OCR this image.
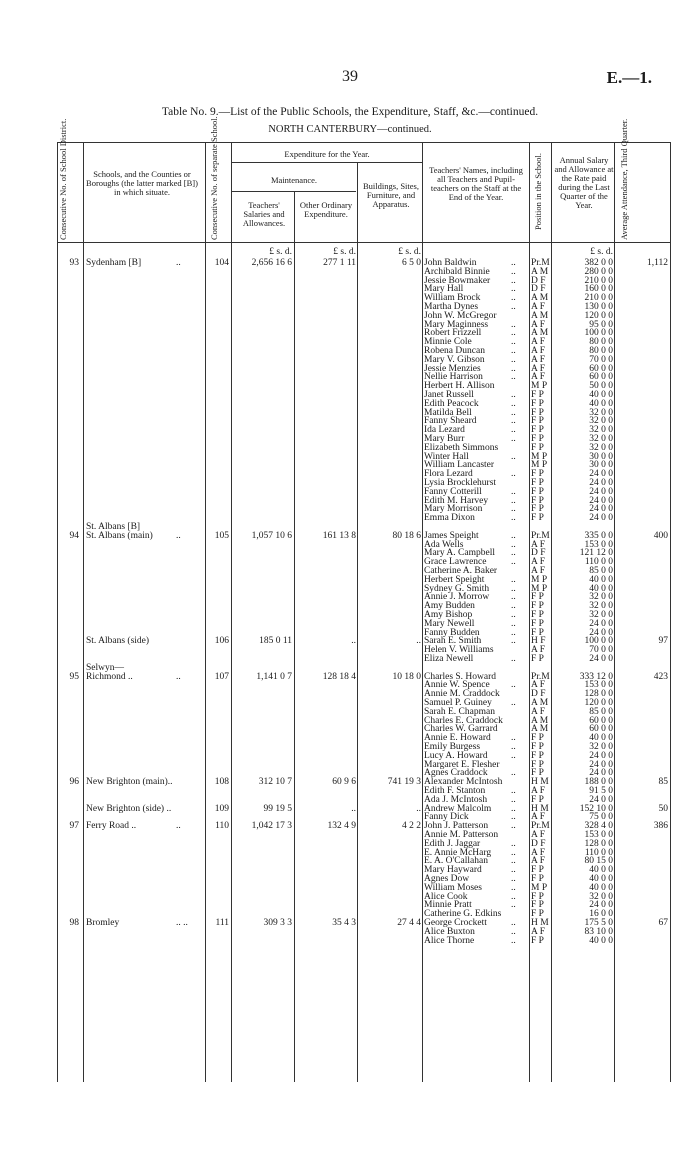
39	E.—1.
Table No. 9.—List of the Public Schools, the Expenditure, Staff, &c.—continued.
NORTH CANTERBURY—continued.
Consecutive No. of School District.	Schools, and the Counties or Boroughs (the latter marked [B]) in which situate.	Consecutive No. of separate School.	Expenditure for the Year.
Maintenance.
Teachers' Salaries and Allowances.
Other Ordinary Expenditure.
Buildings, Sites, Furniture, and Apparatus.
Teachers' Names, including all Teachers and Pupil-teachers on the Staff at the End of the Year.	Position in the School.	Annual Salary and Allowance at the Rate paid during the Last Quarter of the Year.	Average Attendance, Third Quarter.
£ s. d.	£ s. d.	£ s. d.	£ s. d.
93 Sydenham [B]	..	104	2,656 16 6	277 1 11	6 5 0 John Baldwin	.. Pr.M	382 0 0	1,112
Archibald Binnie .. A M	280 0 0
Jessie Bowmaker .. D F	210 0 0
Mary Hall	.. D F	160 0 0
William Brock	.. A M	210 0 0
Martha Dynes	.. A F	130 0 0
John W. McGregor	A M	120 0 0
Mary Maginness .. A F	95 0 0
Robert Frizzell	.. A M	100 0 0
Minnie Cole	.. A F	80 0 0
Robena Duncan	.. A F	80 0 0
Mary V. Gibson	.. A F	70 0 0
Jessie Menzies	.. A F	60 0 0
Nellie Harrison	.. A F	60 0 0
Herbert H. Allison	M P	50 0 0
Janet Russell	.. F P	40 0 0
Edith Peacock	.. F P	40 0 0
Matilda Bell	.. F P	32 0 0
Fanny Sheard	.. F P	32 0 0
Ida Lezard	.. F P	32 0 0
Mary Burr	.. F P	32 0 0
Elizabeth Simmons	F P	32 0 0
Winter Hall	.. M P	30 0 0
William Lancaster	M P	30 0 0
Flora Lezard	.. F P	24 0 0
Lysia Brocklehurst	F P	24 0 0
Fanny Cotterill	.. F P	24 0 0
Edith M. Harvey .. F P	24 0 0
Mary Morrison	.. F P	24 0 0
Emma Dixon	.. F P	24 0 0
St. Albans [B]
94 St. Albans (main) ..	105	1,057 10 6	161 13 8	80 18 6 James Speight	.. Pr.M	335 0 0	400
Ada Wells	.. A F	153 0 0
Mary A. Campbell .. D F	121 12 0
Grace Lawrence	.. A F	110 0 0
Catherine A. Baker	A F	85 0 0
Herbert Speight	.. M P	40 0 0
Sydney G. Smith .. M P	40 0 0
Annie J. Morrow .. F P	32 0 0
Amy Budden	.. F P	32 0 0
Amy Bishop	.. F P	32 0 0
Mary Newell	.. F P	24 0 0
Fanny Budden	.. F P	24 0 0
St. Albans (side)	106	185 0 11	..	.. Sarah E. Smith	.. H F	100 0 0	97
Helen V. Williams	A F	70 0 0
Eliza Newell	.. F P	24 0 0
Selwyn—
95 Richmond ..	..	107	1,141 0 7	128 18 4	10 18 0 Charles S. Howard	Pr.M	333 12 0	423
Annie W. Spence .. A F	153 0 0
Annie M. Craddock	D F	128 0 0
Samuel P. Guiney .. A M	120 0 0
Sarah E. Chapman	A F	85 0 0
Charles E. Craddock	A M	60 0 0
Charles W. Garrard	A M	60 0 0
Annie E. Howard .. F P	40 0 0
Emily Burgess	.. F P	32 0 0
Lucy A. Howard .. F P	24 0 0
Margaret E. Flesher	F P	24 0 0
Agnes Craddock .. F P	24 0 0
96 New Brighton (main)..	108	312 10 7	60 9 6	741 19 3 Alexander McIntosh	H M	188 0 0	85
Edith F. Stanton	.. A F	91 5 0
Ada J. McIntosh	.. F P	24 0 0
New Brighton (side) ..	109	99 19 5	..	.. Andrew Malcolm .. H M	152 10 0	50
Fanny Dick	.. A F	75 0 0
97 Ferry Road ..	..	110	1,042 17 3	132 4 9	4 2 2 John J. Patterson .. Pr.M	328 4 0	386
Annie M. Patterson	A F	153 0 0
Edith J. Jaggar	.. D F	128 0 0
E. Annie McHarg .. A F	110 0 0
E. A. O'Callahan .. A F	80 15 0
Mary Hayward	.. F P	40 0 0
Agnes Dow	.. F P	40 0 0
William Moses	.. M P	40 0 0
Alice Cook	.. F P	32 0 0
Minnie Pratt	.. F P	24 0 0
Catherine G. Edkins	F P	16 0 0
98 Bromley	.. ..	111	309 3 3	35 4 3	27 4 4 George Crockett	.. H M	175 5 0	67
Alice Buxton	.. A F	83 10 0
Alice Thorne	.. F P	40 0 0
